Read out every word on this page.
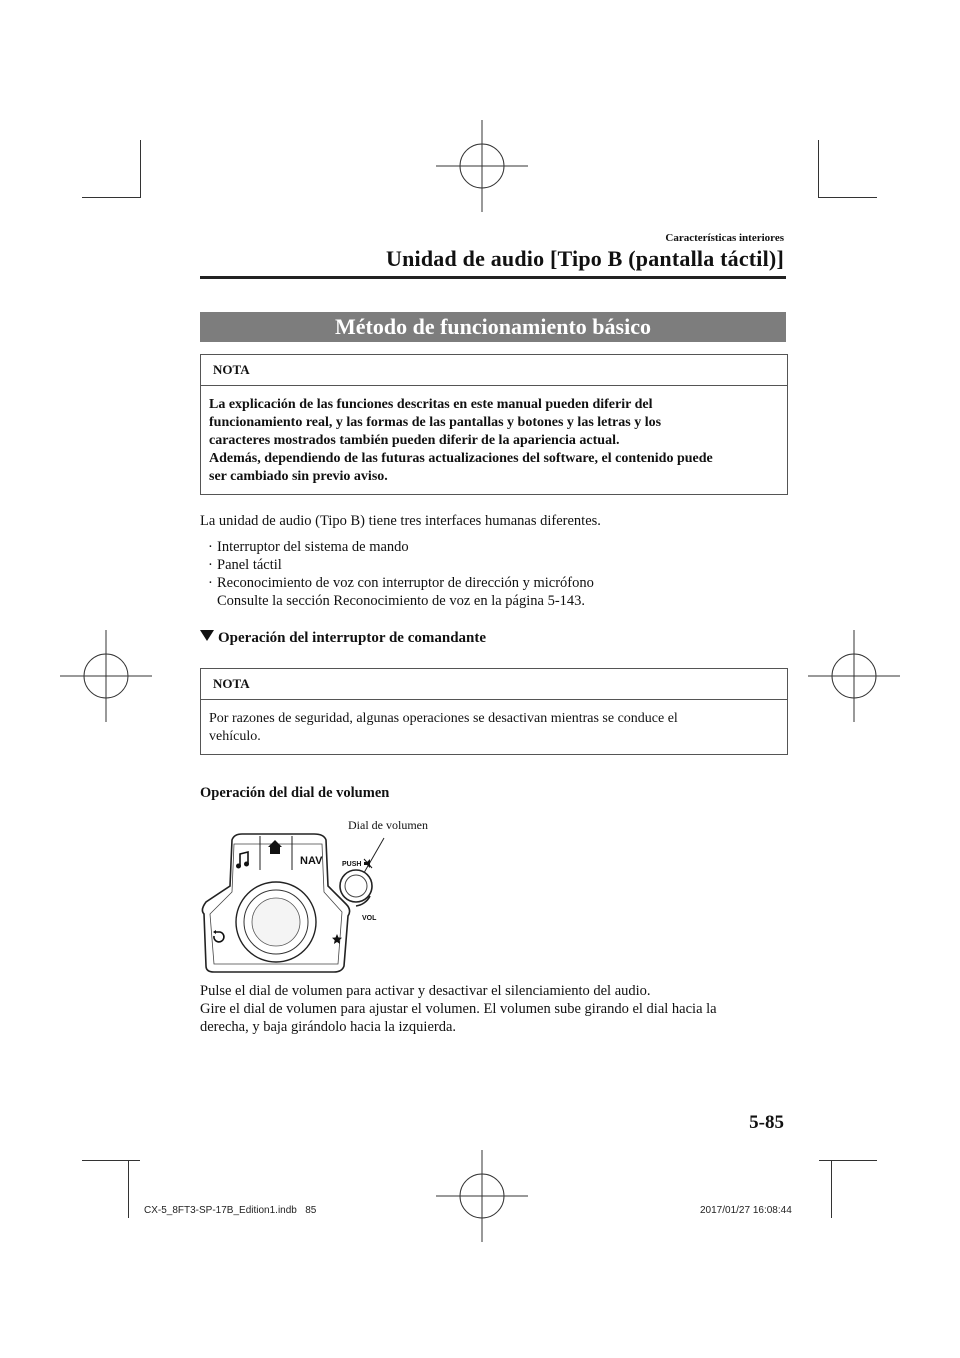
Características interiores
Unidad de audio [Tipo B (pantalla táctil)]
Método de funcionamiento básico
NOTA

La explicación de las funciones descritas en este manual pueden diferir del

funcionamiento real, y las formas de las pantallas y botones y las letras y los

caracteres mostrados también pueden diferir de la apariencia actual.

Además, dependiendo de las futuras actualizaciones del software, el contenido puede

ser cambiado sin previo aviso.

La unidad de audio (Tipo B) tiene tres interfaces humanas diferentes.
· Interruptor del sistema de mando
· Panel táctil
· Reconocimiento de voz con interruptor de dirección y micrófono
Consulte la sección Reconocimiento de voz en la página 5-143.
Operación del interruptor de comandante
NOTA

Por razones de seguridad, algunas operaciones se desactivan mientras se conduce el

vehículo.

Operación del dial de volumen
Dial de volumen
NAV	PUSH
VOL
Pulse el dial de volumen para activar y desactivar el silenciamiento del audio.
Gire el dial de volumen para ajustar el volumen. El volumen sube girando el dial hacia la
derecha, y baja girándolo hacia la izquierda.
5-85
CX-5_8FT3-SP-17B_Edition1.indb 85	2017/01/27 16:08:44
